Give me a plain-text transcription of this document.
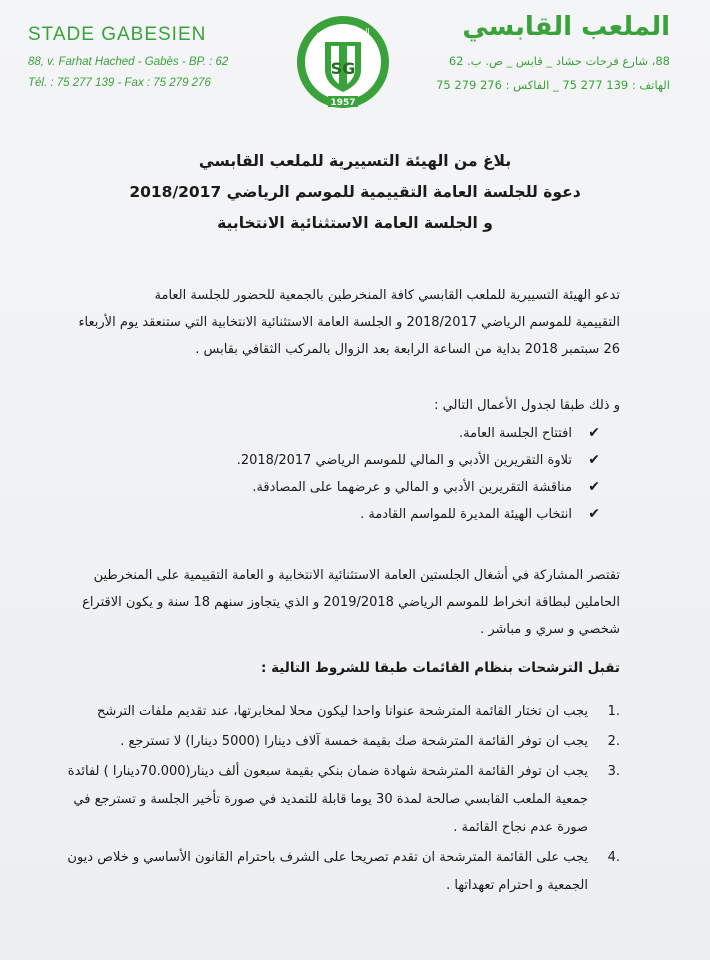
STADE GABESIEN
88, v. Farhat Hached - Gabès - BP. : 62
Tél. : 75 277 139 - Fax : 75 279 276
SG
الملعب القابسي
1957
الملعب القابسي
88، شارع فرحات حشاد _ قابس _ ص. ب. 62
الهاتف : 139 277 75 _ الفاكس : 276 279 75
بلاغ من الهيئة التسييرية للملعب القابسي
دعوة للجلسة العامة التقييمية للموسم الرياضي 2018/2017
و الجلسة العامة الاستثنائية الانتخابية
تدعو الهيئة التسييرية للملعب القابسي كافة المنخرطين بالجمعية للحضور للجلسة العامة
التقييمية للموسم الرياضي 2018/2017 و الجلسة العامة الاستثنائية الانتخابية التي ستنعقد يوم الأربعاء
26 سبتمبر 2018 بداية من الساعة الرابعة بعد الزوال بالمركب الثقافي بقابس .
و ذلك طبقا لجدول الأعمال التالي :
✔افتتاح الجلسة العامة.
✔تلاوة التقريرين الأدبي و المالي للموسم الرياضي 2018/2017.
✔مناقشة التقريرين الأدبي و المالي و عرضهما على المصادقة.
✔انتخاب الهيئة المديرة للمواسم القادمة .
تقتصر المشاركة في أشغال الجلستين العامة الاستثنائية الانتخابية و العامة التقييمية على المنخرطين
الحاملين لبطاقة انخراط للموسم الرياضي 2019/2018 و الذي يتجاوز سنهم 18 سنة و يكون الاقتراع
شخصي و سري و مباشر .
تقبل الترشحات بنظام القائمات طبقا للشروط التالية :
1.
يجب ان تختار القائمة المترشحة عنوانا واحدا ليكون محلا لمخابرتها، عند تقديم ملفات الترشح
2.
يجب ان توفر القائمة المترشحة صك بقيمة خمسة آلاف دينارا (5000 دينارا) لا تسترجع .
3.
يجب ان توفر القائمة المترشحة شهادة ضمان بنكي بقيمة سبعون ألف دينار(70.000دينارا ) لفائدة جمعية الملعب القابسي صالحة لمدة 30 يوما قابلة للتمديد في صورة تأخير الجلسة و تسترجع في صورة عدم نجاح القائمة .
4.
يجب على القائمة المترشحة ان تقدم تصريحا على الشرف باحترام القانون الأساسي و خلاص ديون الجمعية و احترام تعهداتها .
